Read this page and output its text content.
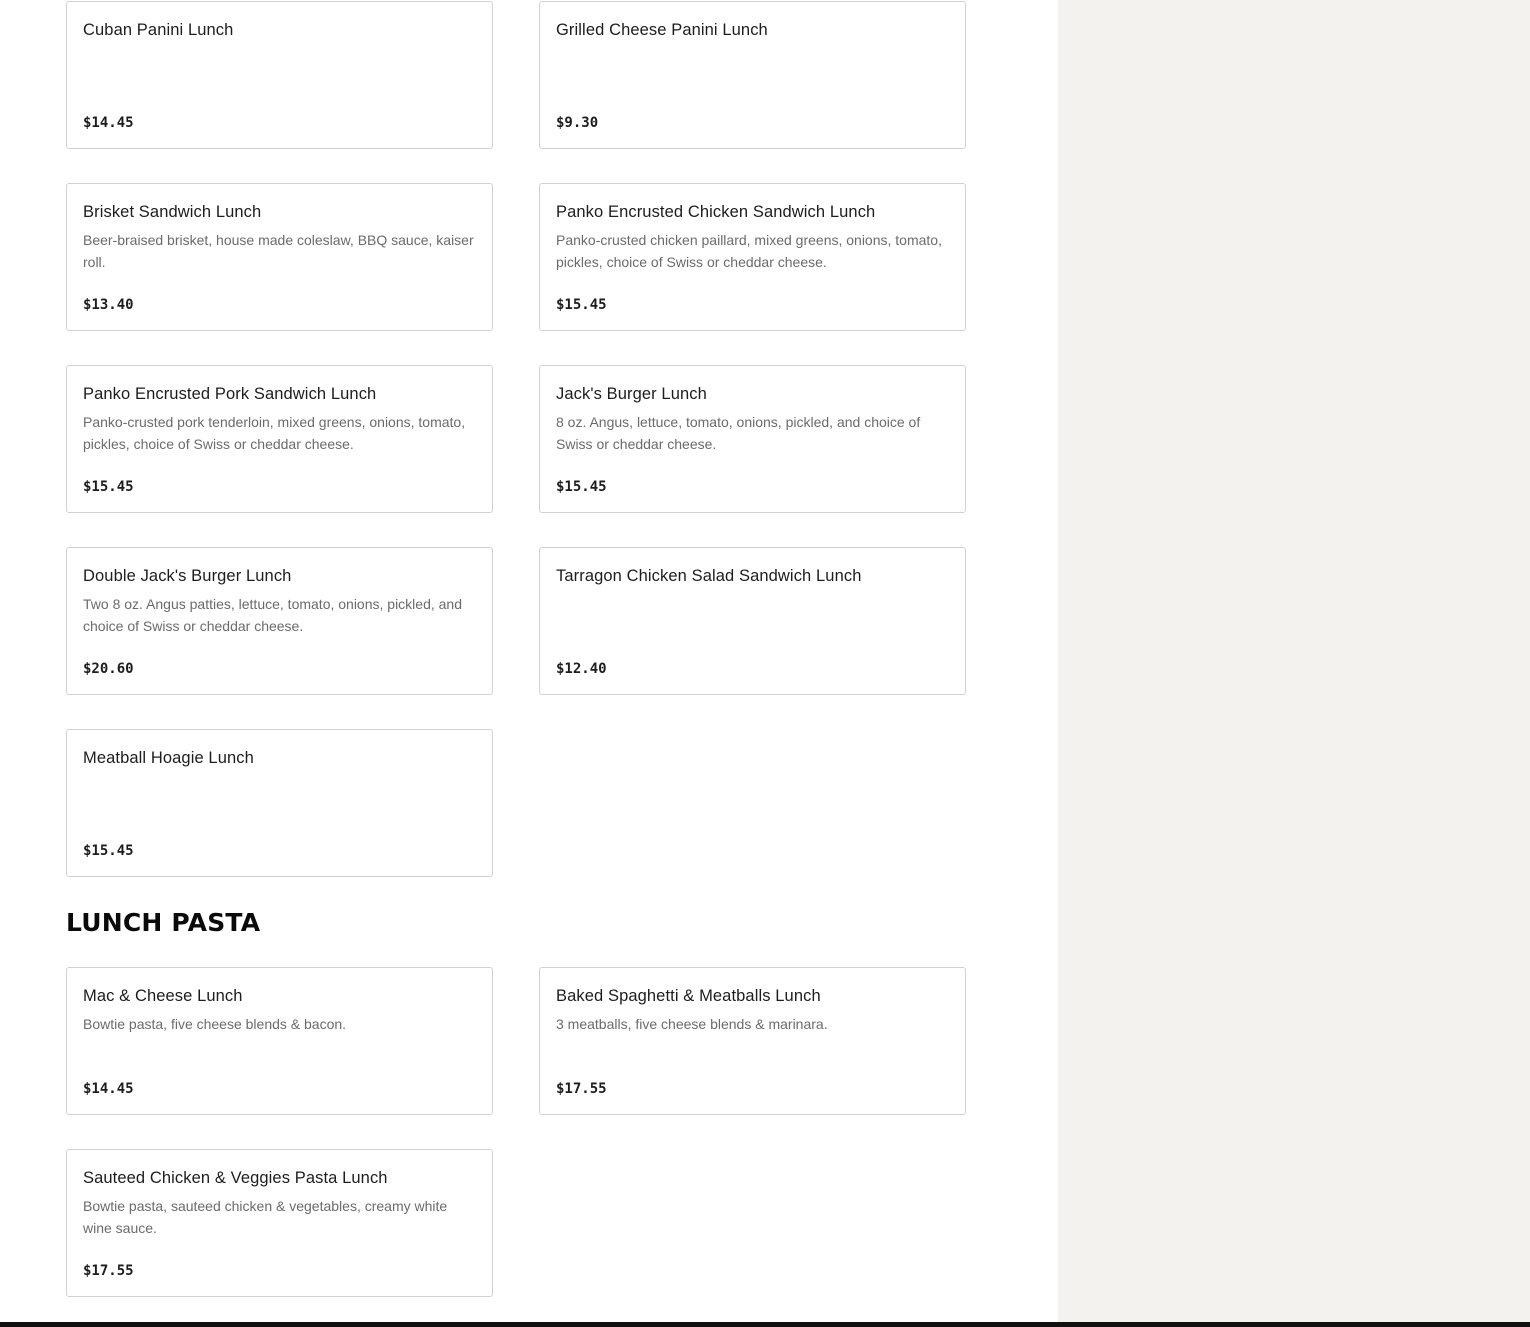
Cuban Panini Lunch
$14.45
Grilled Cheese Panini Lunch
$9.30
Brisket Sandwich Lunch
Beer-braised brisket, house made coleslaw, BBQ sauce, kaiser roll.
$13.40
Panko Encrusted Chicken Sandwich Lunch
Panko-crusted chicken paillard, mixed greens, onions, tomato, pickles, choice of Swiss or cheddar cheese.
$15.45
Panko Encrusted Pork Sandwich Lunch
Panko-crusted pork tenderloin, mixed greens, onions, tomato, pickles, choice of Swiss or cheddar cheese.
$15.45
Jack's Burger Lunch
8 oz. Angus, lettuce, tomato, onions, pickled, and choice of Swiss or cheddar cheese.
$15.45
Double Jack's Burger Lunch
Two 8 oz. Angus patties, lettuce, tomato, onions, pickled, and choice of Swiss or cheddar cheese.
$20.60
Tarragon Chicken Salad Sandwich Lunch
$12.40
Meatball Hoagie Lunch
$15.45
LUNCH PASTA
Mac & Cheese Lunch
Bowtie pasta, five cheese blends & bacon.
$14.45
Baked Spaghetti & Meatballs Lunch
3 meatballs, five cheese blends & marinara.
$17.55
Sauteed Chicken & Veggies Pasta Lunch
Bowtie pasta, sauteed chicken & vegetables, creamy white wine sauce.
$17.55
